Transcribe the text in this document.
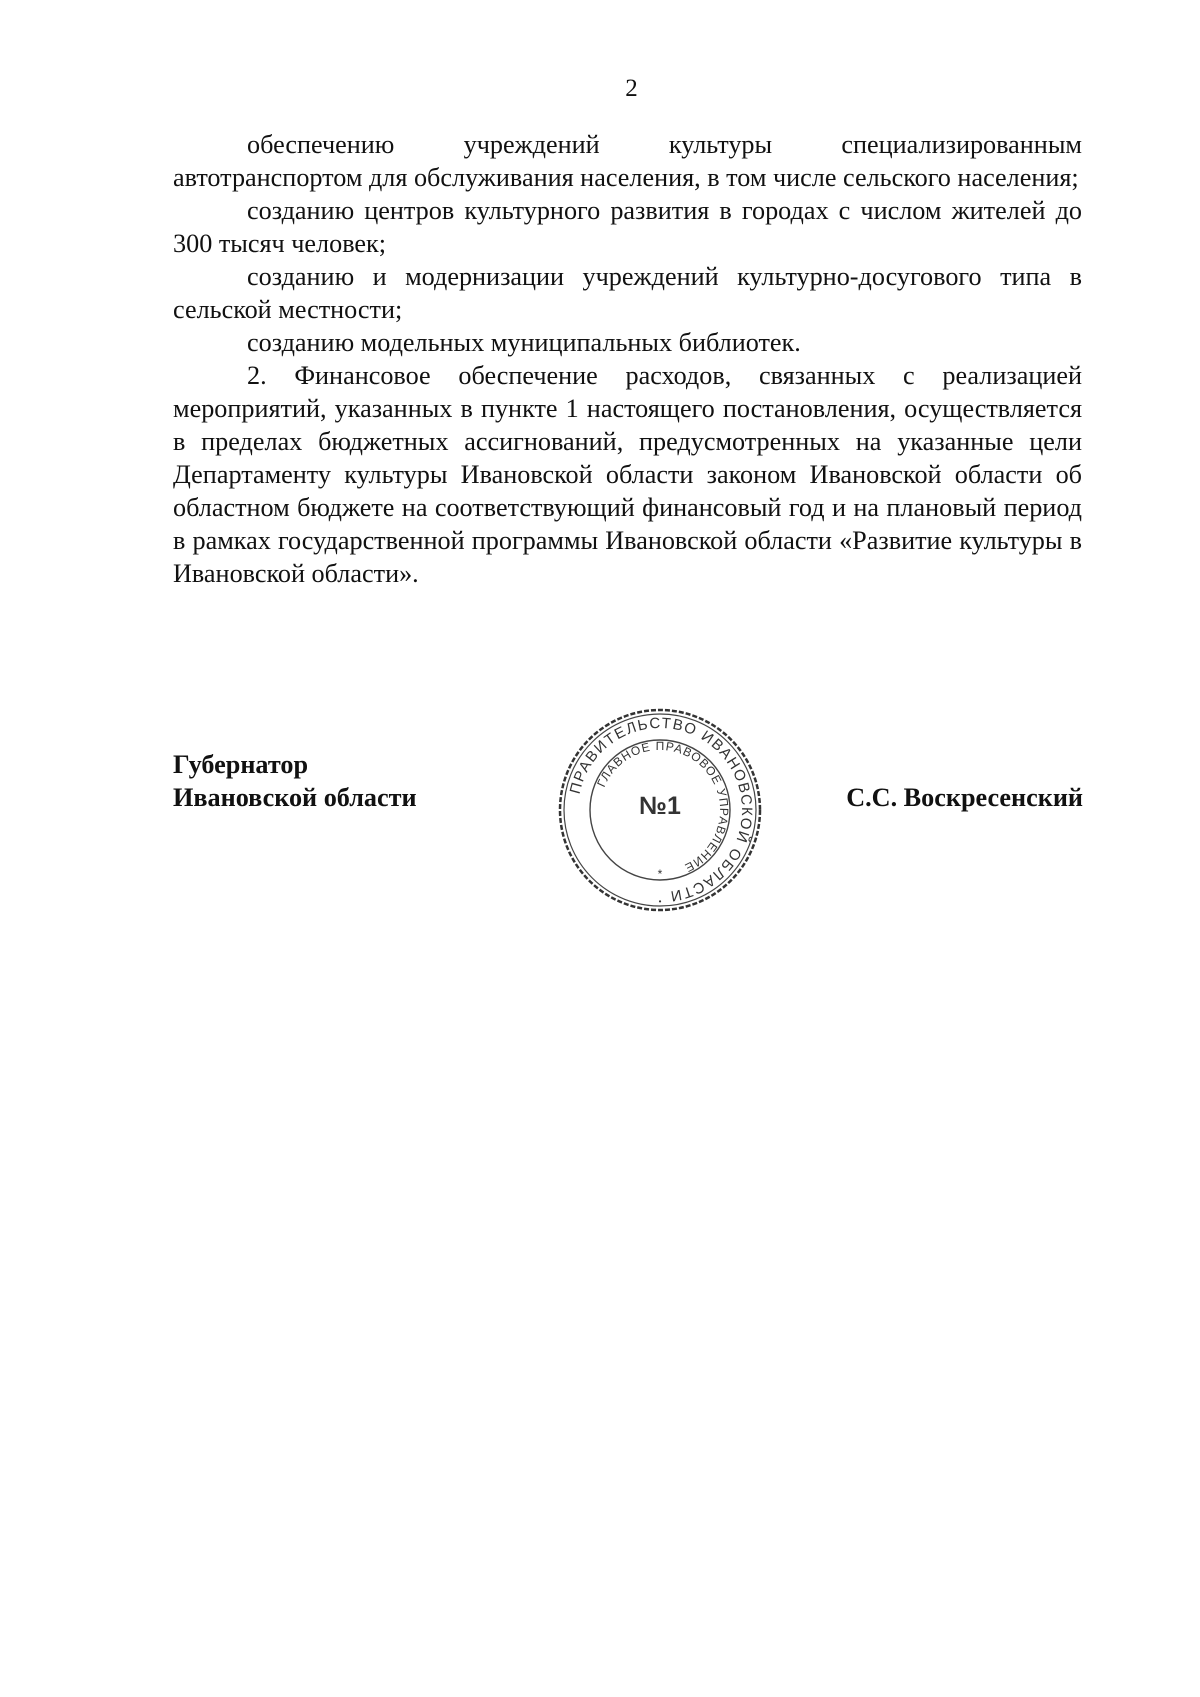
2

обеспечению учреждений культуры специализированным автотранспортом для обслуживания населения, в том числе сельского населения;

созданию центров культурного развития в городах с числом жителей до 300 тысяч человек;

созданию и модернизации учреждений культурно-досугового типа в сельской местности;

созданию модельных муниципальных библиотек.

2. Финансовое обеспечение расходов, связанных с реализацией мероприятий, указанных в пункте 1 настоящего постановления, осуществляется в пределах бюджетных ассигнований, предусмотренных на указанные цели Департаменту культуры Ивановской области законом Ивановской области об областном бюджете на соответствующий финансовый год и на плановый период в рамках государственной программы Ивановской области «Развитие культуры в Ивановской области».

Губернатор
Ивановской области	ПРАВИТЕЛЬСТВО ИВАНОВСКОЙ ОБЛАСТИ
ГЛАВНОЕ ПРАВОВОЕ УПРАВЛЕНИЕ
*
•
№1	С.С. Воскресенский
